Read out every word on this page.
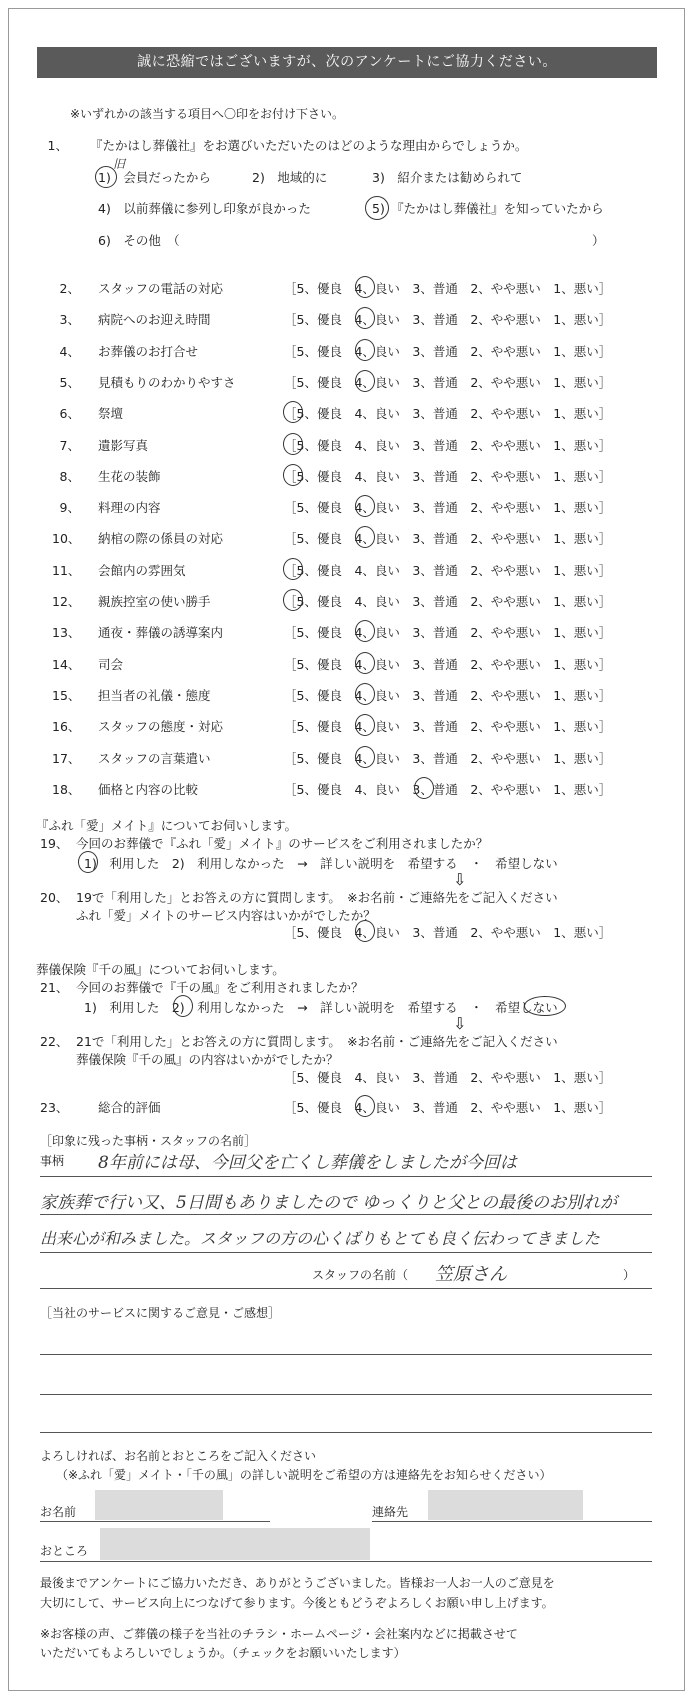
誠に恐縮ではございますが、次のアンケートにご協力ください。
※いずれかの該当する項目へ〇印をお付け下さい。
1、 『たかはし葬儀社』をお選びいただいたのはどのような理由からでしょうか。
1)　会員だったから
旧
2)　地域的に	3)　紹介または勧められて
4)　以前葬儀に参列し印象が良かった	5)　『たかはし葬儀社』を知っていたから
6)　その他　（	）
2、 スタッフの電話の対応	［5、優良　4、良い　3、普通　2、やや悪い　1、悪い］
3、 病院へのお迎え時間	［5、優良　4、良い　3、普通　2、やや悪い　1、悪い］
4、 お葬儀のお打合せ	［5、優良　4、良い　3、普通　2、やや悪い　1、悪い］
5、 見積もりのわかりやすさ	［5、優良　4、良い　3、普通　2、やや悪い　1、悪い］
6、 祭壇	［5、優良　4、良い　3、普通　2、やや悪い　1、悪い］
7、 遺影写真	［5、優良　4、良い　3、普通　2、やや悪い　1、悪い］
8、 生花の装飾	［5、優良　4、良い　3、普通　2、やや悪い　1、悪い］
9、 料理の内容	［5、優良　4、良い　3、普通　2、やや悪い　1、悪い］
10、 納棺の際の係員の対応	［5、優良　4、良い　3、普通　2、やや悪い　1、悪い］
11、 会館内の雰囲気	［5、優良　4、良い　3、普通　2、やや悪い　1、悪い］
12、 親族控室の使い勝手	［5、優良　4、良い　3、普通　2、やや悪い　1、悪い］
13、 通夜・葬儀の誘導案内	［5、優良　4、良い　3、普通　2、やや悪い　1、悪い］
14、 司会	［5、優良　4、良い　3、普通　2、やや悪い　1、悪い］
15、 担当者の礼儀・態度	［5、優良　4、良い　3、普通　2、やや悪い　1、悪い］
16、 スタッフの態度・対応	［5、優良　4、良い　3、普通　2、やや悪い　1、悪い］
17、 スタッフの言葉遣い	［5、優良　4、良い　3、普通　2、やや悪い　1、悪い］
18、 価格と内容の比較	［5、優良　4、良い　3、普通　2、やや悪い　1、悪い］
『ふれ「愛」メイト』についてお伺いします。
19、 今回のお葬儀で『ふれ「愛」メイト』のサービスをご利用されましたか？
1)　利用した　2)　利用しなかった　→　詳しい説明を　希望する　・　希望しない
⇩
20、 19で「利用した」とお答えの方に質問します。　※お名前・ご連絡先をご記入ください
ふれ「愛」メイトのサービス内容はいかがでしたか？
［5、優良　4、良い　3、普通　2、やや悪い　1、悪い］
葬儀保険『千の風』についてお伺いします。
21、 今回のお葬儀で『千の風』をご利用されましたか？
1)　利用した　2)　利用しなかった　→　詳しい説明を　希望する　・　希望しない
⇩
22、 21で「利用した」とお答えの方に質問します。　※お名前・ご連絡先をご記入ください
葬儀保険『千の風』の内容はいかがでしたか？
［5、優良　4、良い　3、普通　2、やや悪い　1、悪い］
23、 総合的評価	［5、優良　4、良い　3、普通　2、やや悪い　1、悪い］
［印象に残った事柄・スタッフの名前］
事柄 8年前には母、今回父を亡くし葬儀をしましたが今回は
家族葬で行い又、5日間もありましたので ゆっくりと父との最後のお別れが
出来心が和みました。スタッフの方の心くばりもとても良く伝わってきました
スタッフの名前（ 笠原さん	）
［当社のサービスに関するご意見・ご感想］
よろしければ、お名前とおところをご記入ください
（※ふれ「愛」メイト・「千の風」の詳しい説明をご希望の方は連絡先をお知らせください）
お名前	連絡先
おところ
最後までアンケートにご協力いただき、ありがとうございました。皆様お一人お一人のご意見を
大切にして、サービス向上につなげて参ります。今後ともどうぞよろしくお願い申し上げます。
※お客様の声、ご葬儀の様子を当社のチラシ・ホームページ・会社案内などに掲載させて
いただいてもよろしいでしょうか。（チェックをお願いいたします）
